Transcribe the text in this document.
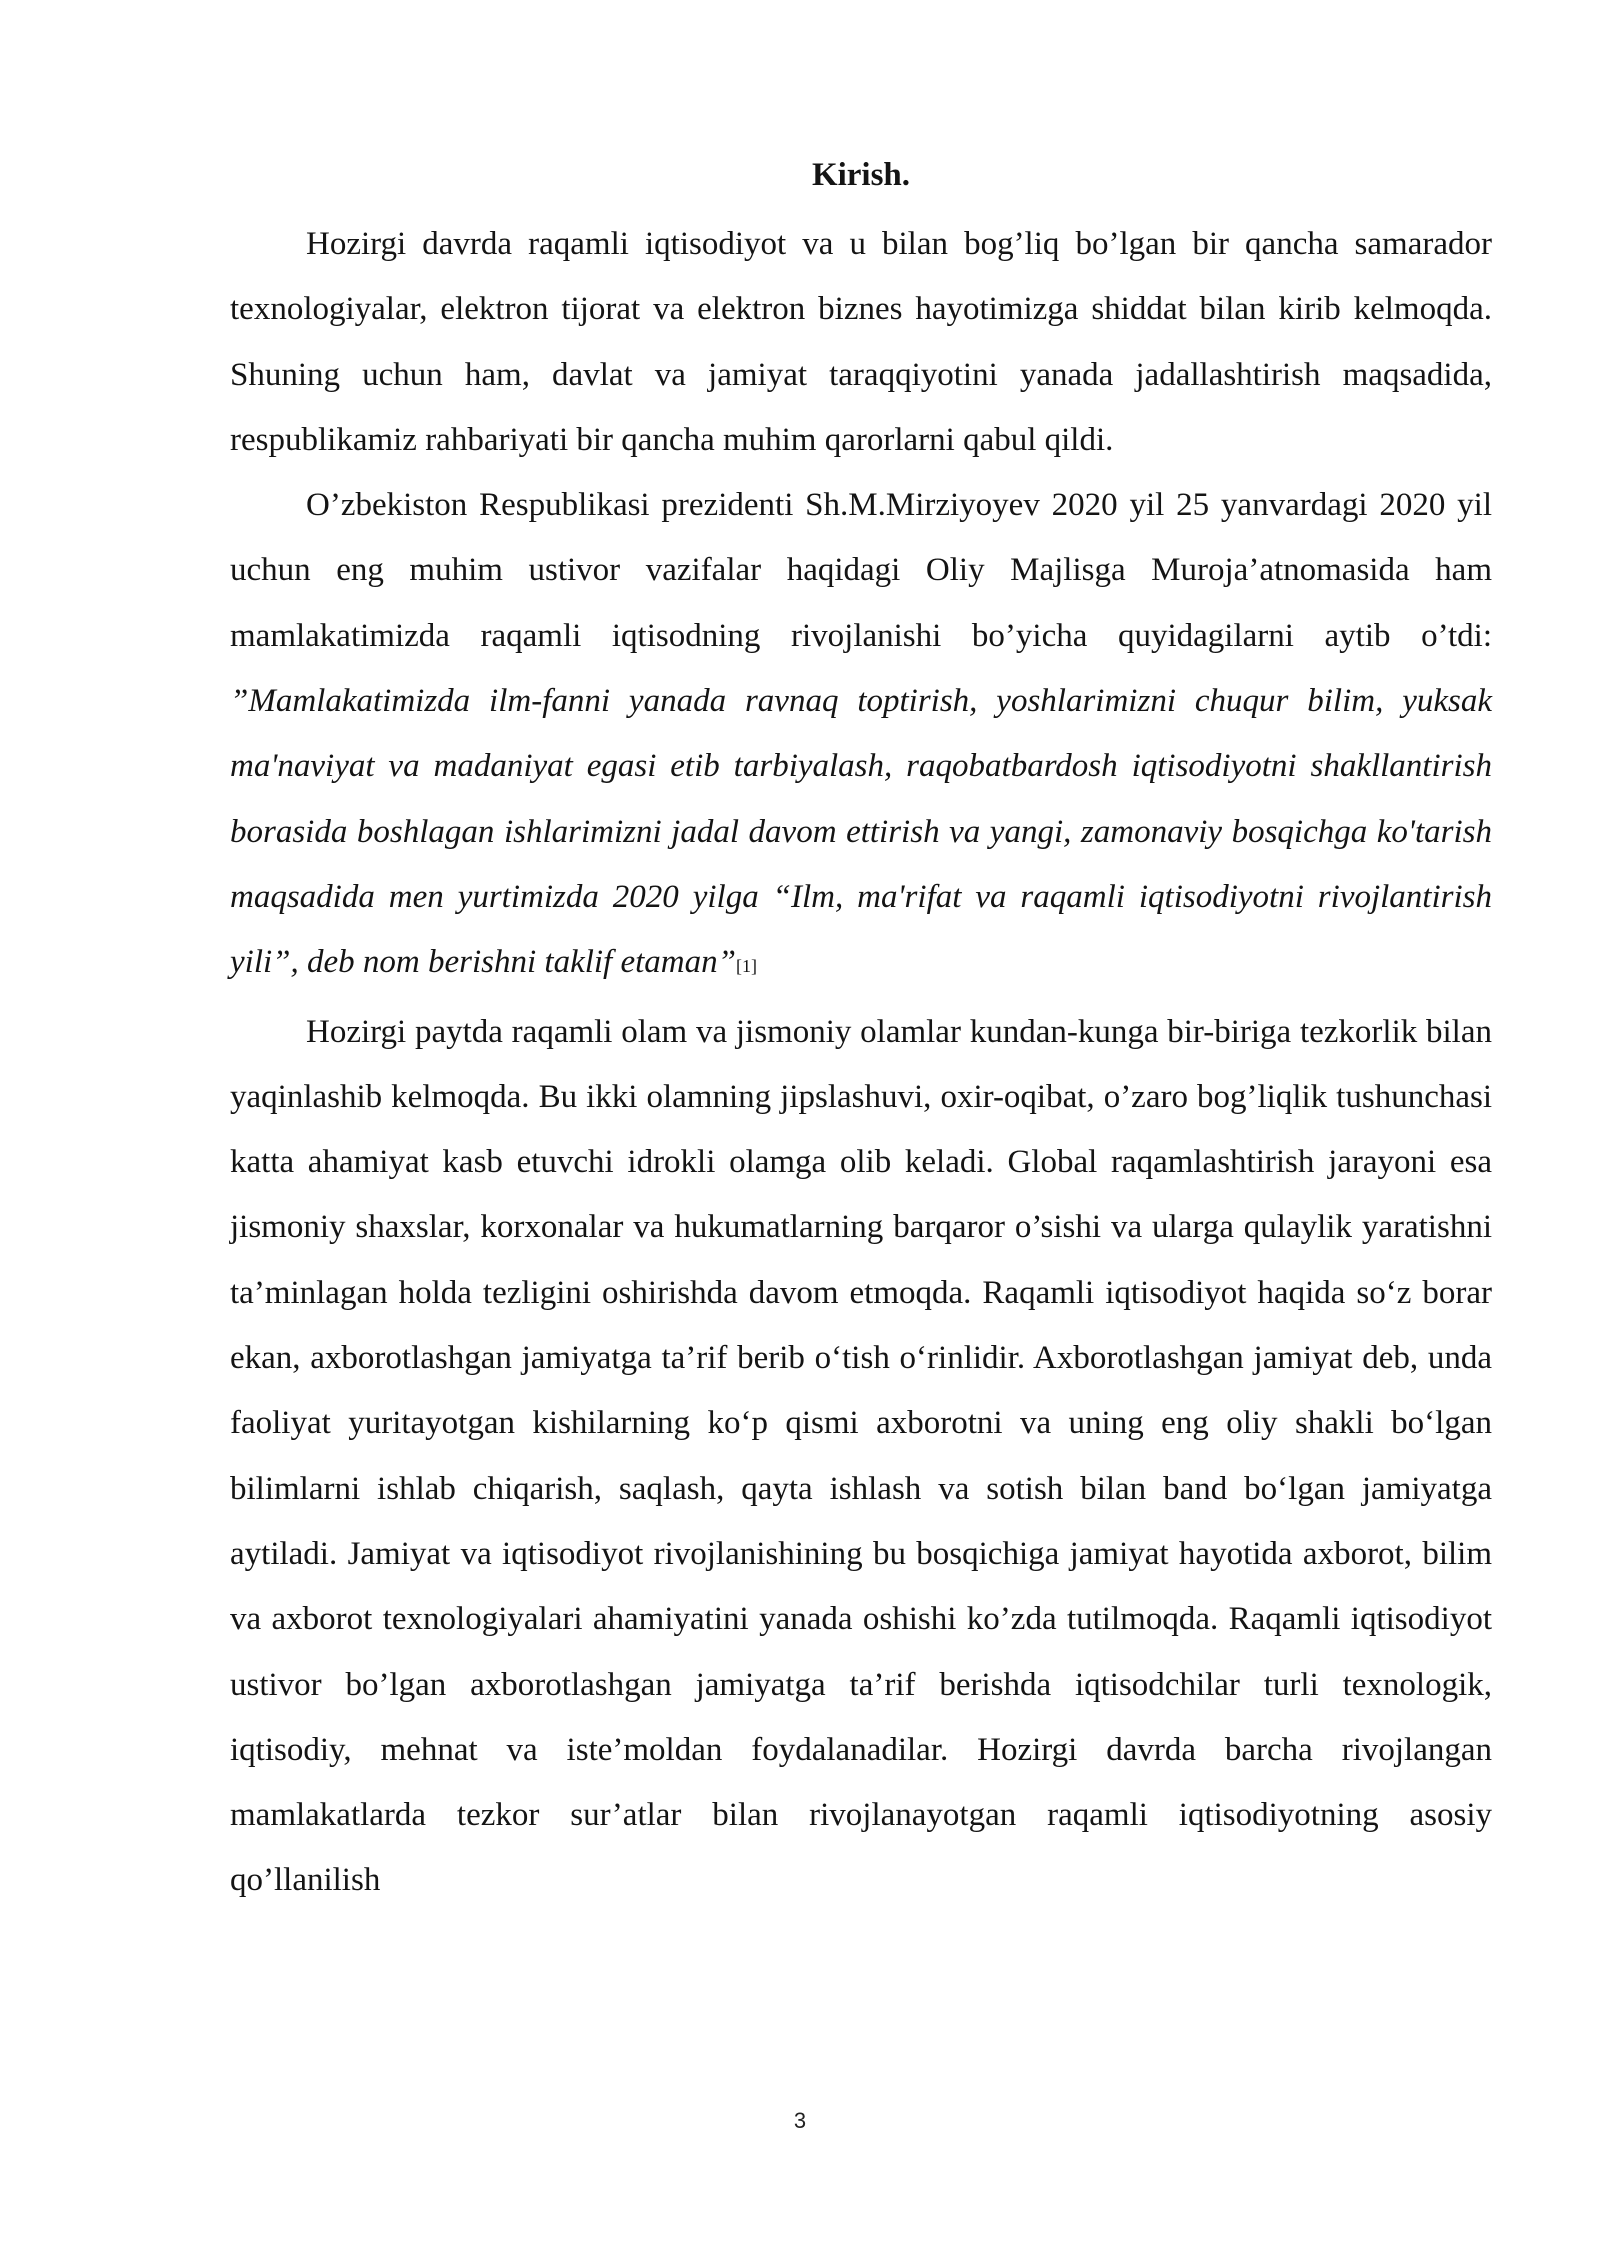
Kirish.

Hozirgi davrda raqamli iqtisodiyot va u bilan bog’liq bo’lgan bir qancha samarador texnologiyalar, elektron tijorat va elektron biznes hayotimizga shiddat bilan kirib kelmoqda. Shuning uchun ham, davlat va jamiyat taraqqiyotini yanada jadallashtirish maqsadida, respublikamiz rahbariyati bir qancha muhim qarorlarni qabul qildi.

O’zbekiston Respublikasi prezidenti Sh.M.Mirziyoyev 2020 yil 25 yanvardagi 2020 yil uchun eng muhim ustivor vazifalar haqidagi Oliy Majlisga Muroja’atnomasida ham mamlakatimizda raqamli iqtisodning rivojlanishi bo’yicha quyidagilarni aytib o’tdi: ”Mamlakatimizda ilm-fanni yanada ravnaq toptirish, yoshlarimizni chuqur bilim, yuksak ma'naviyat va madaniyat egasi etib tarbiyalash, raqobatbardosh iqtisodiyotni shakllantirish borasida boshlagan ishlarimizni jadal davom ettirish va yangi, zamonaviy bosqichga ko'tarish maqsadida men yurtimizda 2020 yilga “Ilm, ma'rifat va raqamli iqtisodiyotni rivojlantirish yili”, deb nom berishni taklif etaman”[1]

Hozirgi paytda raqamli olam va jismoniy olamlar kundan-kunga bir-biriga tezkorlik bilan yaqinlashib kelmoqda. Bu ikki olamning jipslashuvi, oxir-oqibat, o’zaro bog’liqlik tushunchasi katta ahamiyat kasb etuvchi idrokli olamga olib keladi. Global raqamlashtirish jarayoni esa jismoniy shaxslar, korxonalar va hukumatlarning barqaror o’sishi va ularga qulaylik yaratishni ta’minlagan holda tezligini oshirishda davom etmoqda. Raqamli iqtisodiyot haqida so‘z borar ekan, axborotlashgan jamiyatga ta’rif berib o‘tish o‘rinlidir. Axborotlashgan jamiyat deb, unda faoliyat yuritayotgan kishilarning ko‘p qismi axborotni va uning eng oliy shakli bo‘lgan bilimlarni ishlab chiqarish, saqlash, qayta ishlash va sotish bilan band bo‘lgan jamiyatga aytiladi. Jamiyat va iqtisodiyot rivojlanishining bu bosqichiga jamiyat hayotida axborot, bilim va axborot texnologiyalari ahamiyatini yanada oshishi ko’zda tutilmoqda. Raqamli iqtisodiyot ustivor bo’lgan axborotlashgan jamiyatga ta’rif berishda iqtisodchilar turli texnologik, iqtisodiy, mehnat va iste’moldan foydalanadilar. Hozirgi davrda barcha rivojlangan mamlakatlarda tezkor sur’atlar bilan rivojlanayotgan raqamli iqtisodiyotning asosiy qo’llanilish

3
